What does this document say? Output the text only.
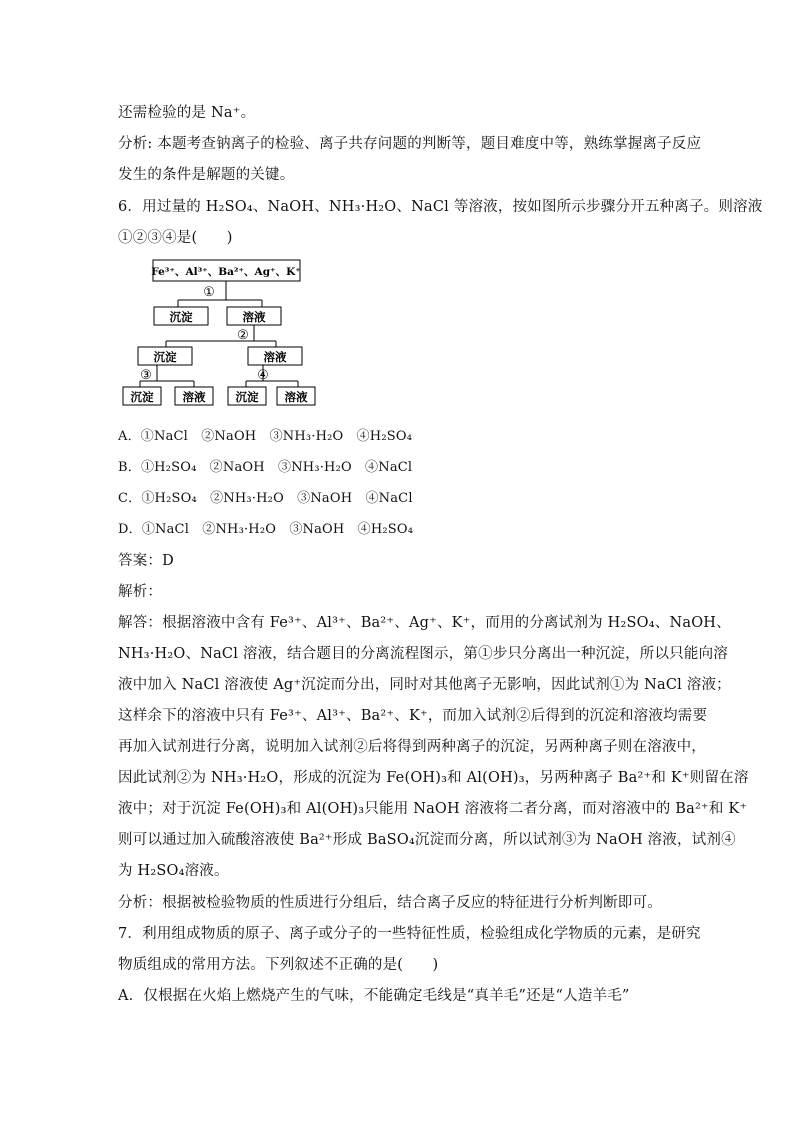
还需检验的是 Na⁺。
分析: 本题考查钠离子的检验、离子共存问题的判断等，题目难度中等，熟练掌握离子反应
发生的条件是解题的关键。
6．用过量的 H₂SO₄、NaOH、NH₃·H₂O、NaCl 等溶液，按如图所示步骤分开五种离子。则溶液
①②③④是(　　)
Fe³⁺、Al³⁺、Ba²⁺、Ag⁺、K⁺
①
沉淀	溶液
②
沉淀	溶液
③	④
沉淀	溶液	沉淀 溶液
A．①NaCl　②NaOH　③NH₃·H₂O　④H₂SO₄
B．①H₂SO₄　②NaOH　③NH₃·H₂O　④NaCl
C．①H₂SO₄　②NH₃·H₂O　③NaOH　④NaCl
D．①NaCl　②NH₃·H₂O　③NaOH　④H₂SO₄
答案：D
解析：
解答：根据溶液中含有 Fe³⁺、Al³⁺、Ba²⁺、Ag⁺、K⁺，而用的分离试剂为 H₂SO₄、NaOH、
NH₃·H₂O、NaCl 溶液，结合题目的分离流程图示，第①步只分离出一种沉淀，所以只能向溶
液中加入 NaCl 溶液使 Ag⁺沉淀而分出，同时对其他离子无影响，因此试剂①为 NaCl 溶液；
这样余下的溶液中只有 Fe³⁺、Al³⁺、Ba²⁺、K⁺，而加入试剂②后得到的沉淀和溶液均需要
再加入试剂进行分离，说明加入试剂②后将得到两种离子的沉淀，另两种离子则在溶液中，
因此试剂②为 NH₃·H₂O，形成的沉淀为 Fe(OH)₃和 Al(OH)₃，另两种离子 Ba²⁺和 K⁺则留在溶
液中；对于沉淀 Fe(OH)₃和 Al(OH)₃只能用 NaOH 溶液将二者分离，而对溶液中的 Ba²⁺和 K⁺
则可以通过加入硫酸溶液使 Ba²⁺形成 BaSO₄沉淀而分离，所以试剂③为 NaOH 溶液，试剂④
为 H₂SO₄溶液。
分析：根据被检验物质的性质进行分组后，结合离子反应的特征进行分析判断即可。
7．利用组成物质的原子、离子或分子的一些特征性质，检验组成化学物质的元素，是研究
物质组成的常用方法。下列叙述不正确的是(　　)
A．仅根据在火焰上燃烧产生的气味，不能确定毛线是“真羊毛”还是“人造羊毛”
